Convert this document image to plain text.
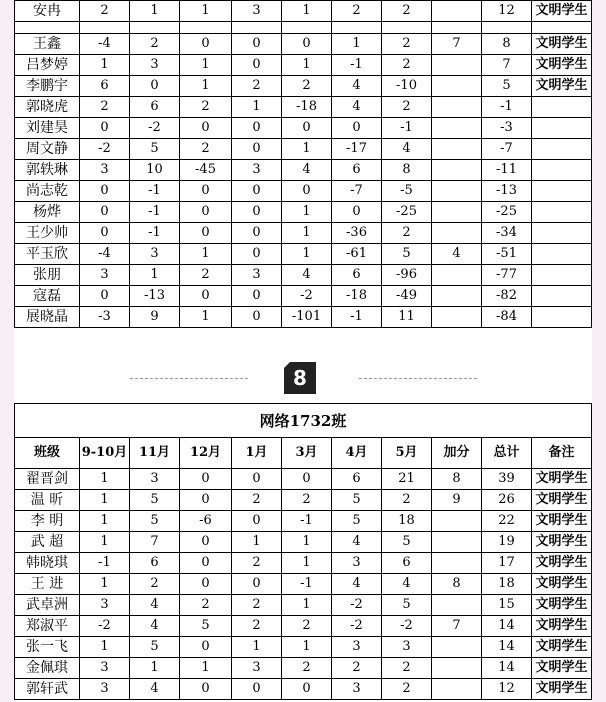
安冉	2	1	1	3	1	2	2		12	文明学生

王鑫	-4	2	0	0	0	1	2	7	8	文明学生
吕梦婷	1	3	1	0	1	-1	2		7	文明学生
李鹏宇	6	0	1	2	2	4	-10		5	文明学生
郭晓虎	2	6	2	1	-18	4	2		-1	
刘建昊	0	-2	0	0	0	0	-1		-3	
周文静	-2	5	2	0	1	-17	4		-7	
郭轶琳	3	10	-45	3	4	6	8		-11	
尚志乾	0	-1	0	0	0	-7	-5		-13	
杨烨	0	-1	0	0	1	0	-25		-25	
王少帅	0	-1	0	0	1	-36	2		-34	
平玉欣	-4	3	1	0	1	-61	5	4	-51	
张朋	3	1	2	3	4	6	-96		-77	
寇磊	0	-13	0	0	-2	-18	-49		-82	
展晓晶	-3	9	1	0	-101	-1	11		-84	
8
网络1732班
班级	9-10月	11月	12月	1月	3月	4月	5月	加分	总计	备注
翟晋剑	1	3	0	0	0	6	21	8	39	文明学生
温 昕	1	5	0	2	2	5	2	9	26	文明学生
李 明	1	5	-6	0	-1	5	18		22	文明学生
武 超	1	7	0	1	1	4	5		19	文明学生
韩晓琪	-1	6	0	2	1	3	6		17	文明学生
王 进	1	2	0	0	-1	4	4	8	18	文明学生
武卓洲	3	4	2	2	1	-2	5		15	文明学生
郑淑平	-2	4	5	2	2	-2	-2	7	14	文明学生
张一飞	1	5	0	1	1	3	3		14	文明学生
金佩琪	3	1	1	3	2	2	2		14	文明学生
郭轩武	3	4	0	0	0	3	2		12	文明学生
